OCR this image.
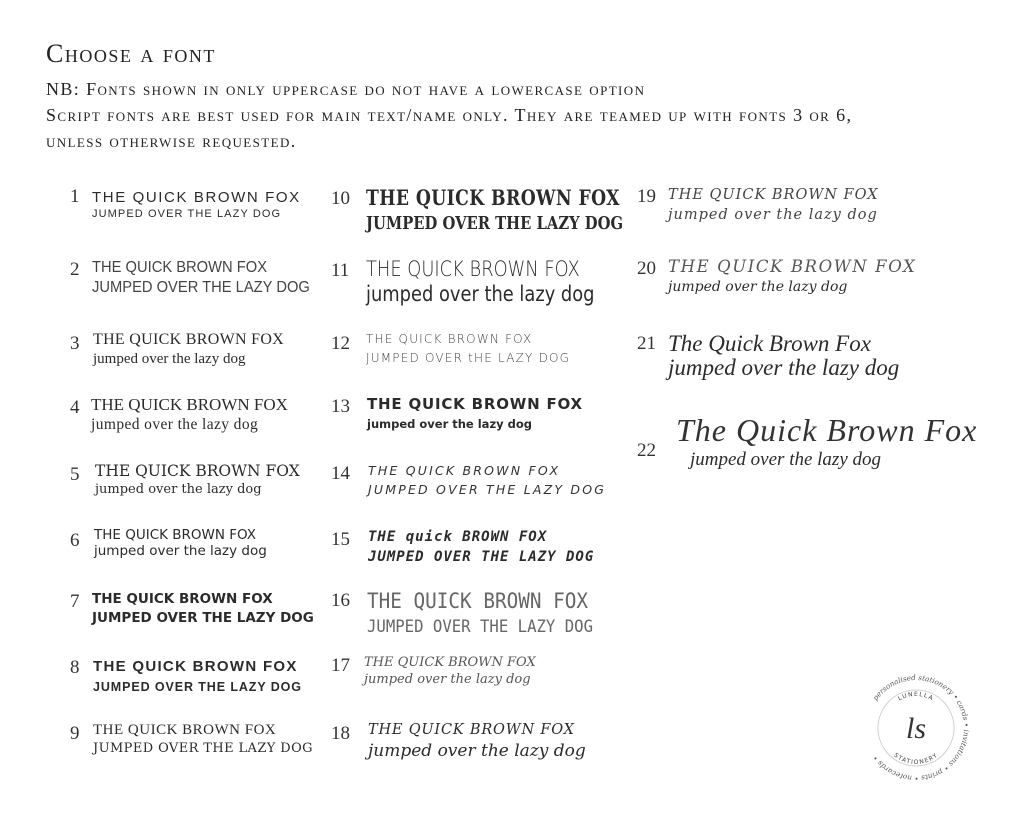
Choose a font
NB: Fonts shown in only uppercase do not have a lowercase option
Script fonts are best used for main text/name only. They are teamed up with fonts 3 or 6,
unless otherwise requested.
1 THE QUICK BROWN FOX
JUMPED OVER THE LAZY DOG
2 THE QUICK BROWN FOX
JUMPED OVER THE LAZY DOG
3 THE QUICK BROWN FOX
jumped over the lazy dog
4 THE QUICK BROWN FOX
jumped over the lazy dog
5 THE QUICK BROWN FOX
jumped over the lazy dog
6 THE QUICK BROWN FOX
jumped over the lazy dog
7 THE QUICK BROWN FOX
JUMPED OVER THE LAZY DOG
8 THE QUICK BROWN FOX
JUMPED OVER THE LAZY DOG
9 THE QUICK BROWN FOX
JUMPED OVER THE LAZY DOG
10 THE QUICK BROWN FOX
JUMPED OVER THE LAZY DOG
11 THE QUICK BROWN FOX
jumped over the lazy dog
12 THE QUICK BROWN FOX
JUMPED OVER tHE LAZY DOG
13 THE QUICK BROWN FOX
jumped over the lazy dog
14 THE QUICK BROWN FOX
JUMPED OVER THE LAZY DOG
15 THE quick BROWN FOX
JUMPED OVER THE LAZY DOG
16 THE QUICK BROWN FOX
JUMPED OVER THE LAZY DOG
17 THE QUICK BROWN FOX
jumped over the lazy dog
18 THE QUICK BROWN FOX
jumped over the lazy dog
19 THE QUICK BROWN FOX
jumped over the lazy dog
20 THE QUICK BROWN FOX
jumped over the lazy dog
21 The Quick Brown Fox
jumped over the lazy dog
22
The Quick Brown Fox
jumped over the lazy dog
personalised stationery • cards • invitations • prints • notecards •
LUNELLA
STATIONERY
ls
